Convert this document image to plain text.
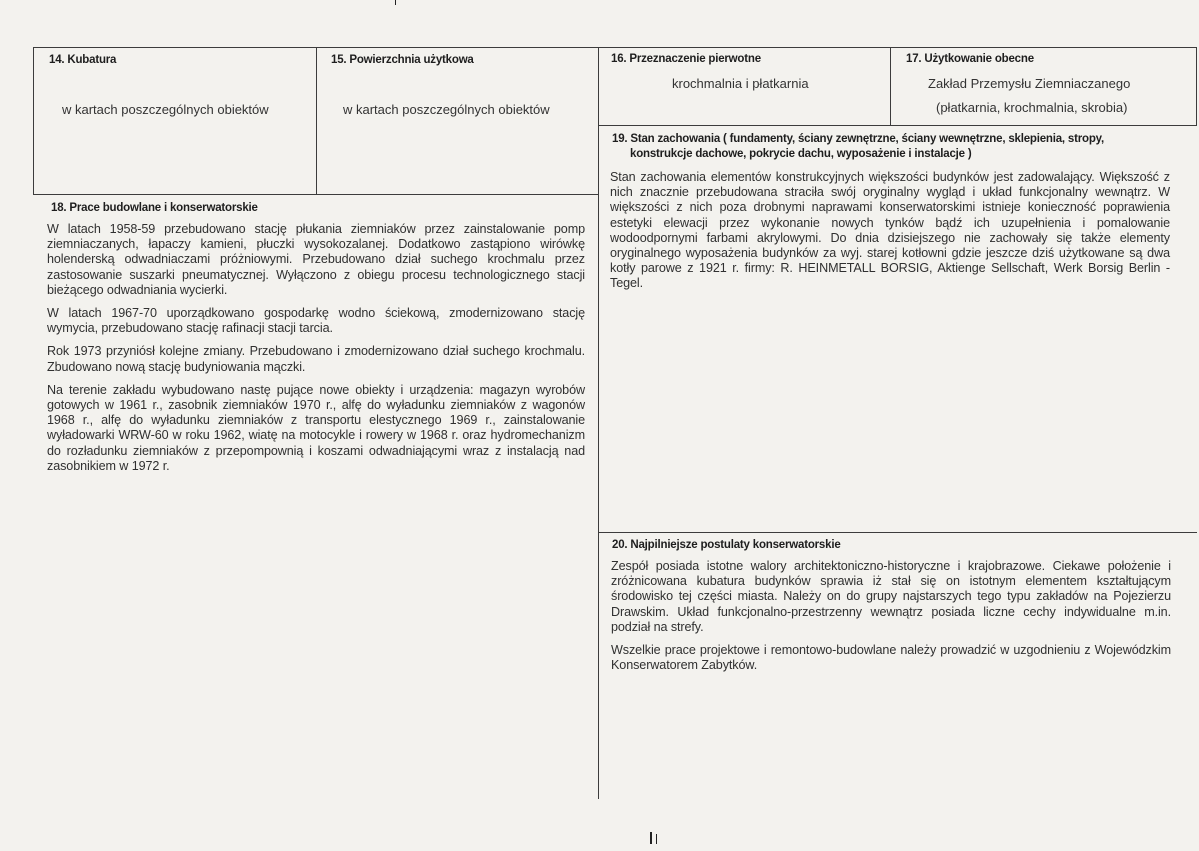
14. Kubatura
w kartach poszczególnych obiektów
15. Powierzchnia użytkowa
w kartach poszczególnych obiektów
16. Przeznaczenie pierwotne
krochmalnia i płatkarnia
17. Użytkowanie obecne
Zakład Przemysłu Ziemniaczanego
(płatkarnia, krochmalnia, skrobia)
18. Prace budowlane i konserwatorskie

W latach 1958-59 przebudowano stację płukania ziemniaków przez zainstalowanie pomp ziemniaczanych, łapaczy kamieni, płuczki wysokozalanej. Dodatkowo zastąpiono wirówkę holenderską odwadniaczami próżniowymi. Przebudowano dział suchego krochmalu przez zastosowanie suszarki pneumatycznej. Wyłączono z obiegu procesu technologicznego stacji bieżącego odwadniania wycierki.

W latach 1967-70 uporządkowano gospodarkę wodno ściekową, zmodernizowano stację wymycia, przebudowano stację rafinacji stacji tarcia.

Rok 1973 przyniósł kolejne zmiany. Przebudowano i zmodernizowano dział suchego krochmalu. Zbudowano nową stację budyniowania mączki.

Na terenie zakładu wybudowano nastę pujące nowe obiekty i urządzenia: magazyn wyrobów gotowych w 1961 r., zasobnik ziemniaków 1970 r., alfę do wyładunku ziemniaków z wagonów 1968 r., alfę do wyładunku ziemniaków z transportu elestycznego 1969 r., zainstalowanie wyładowarki WRW-60 w roku 1962, wiatę na motocykle i rowery w 1968 r. oraz hydromechanizm do rozładunku ziemniaków z przepompownią i koszami odwadniającymi wraz z instalacją nad zasobnikiem w 1972 r.

19. Stan zachowania ( fundamenty, ściany zewnętrzne, ściany wewnętrzne, sklepienia, stropy,
konstrukcje dachowe, pokrycie dachu, wyposażenie i instalacje )

Stan zachowania elementów konstrukcyjnych większości budynków jest zadowalający. Większość z nich znacznie przebudowana straciła swój oryginalny wygląd i układ funkcjonalny wewnątrz. W większości z nich poza drobnymi naprawami konserwatorskimi istnieje konieczność poprawienia estetyki elewacji przez wykonanie nowych tynków bądź ich uzupełnienia i pomalowanie wodoodpornymi farbami akrylowymi. Do dnia dzisiejszego nie zachowały się także elementy oryginalnego wyposażenia budynków za wyj. starej kotłowni gdzie jeszcze dziś użytkowane są dwa kotły parowe z 1921 r. firmy: R. HEINMETALL BORSIG, Aktienge Sellschaft, Werk Borsig Berlin - Tegel.

20. Najpilniejsze postulaty konserwatorskie

Zespół posiada istotne walory architektoniczno-historyczne i krajobrazowe. Ciekawe położenie i zróżnicowana kubatura budynków sprawia iż stał się on istotnym elementem kształtującym środowisko tej części miasta. Należy on do grupy najstarszych tego typu zakładów na Pojezierzu Drawskim. Układ funkcjonalno-przestrzenny wewnątrz posiada liczne cechy indywidualne m.in. podział na strefy.

Wszelkie prace projektowe i remontowo-budowlane należy prowadzić w uzgodnieniu z Wojewódzkim Konserwatorem Zabytków.
